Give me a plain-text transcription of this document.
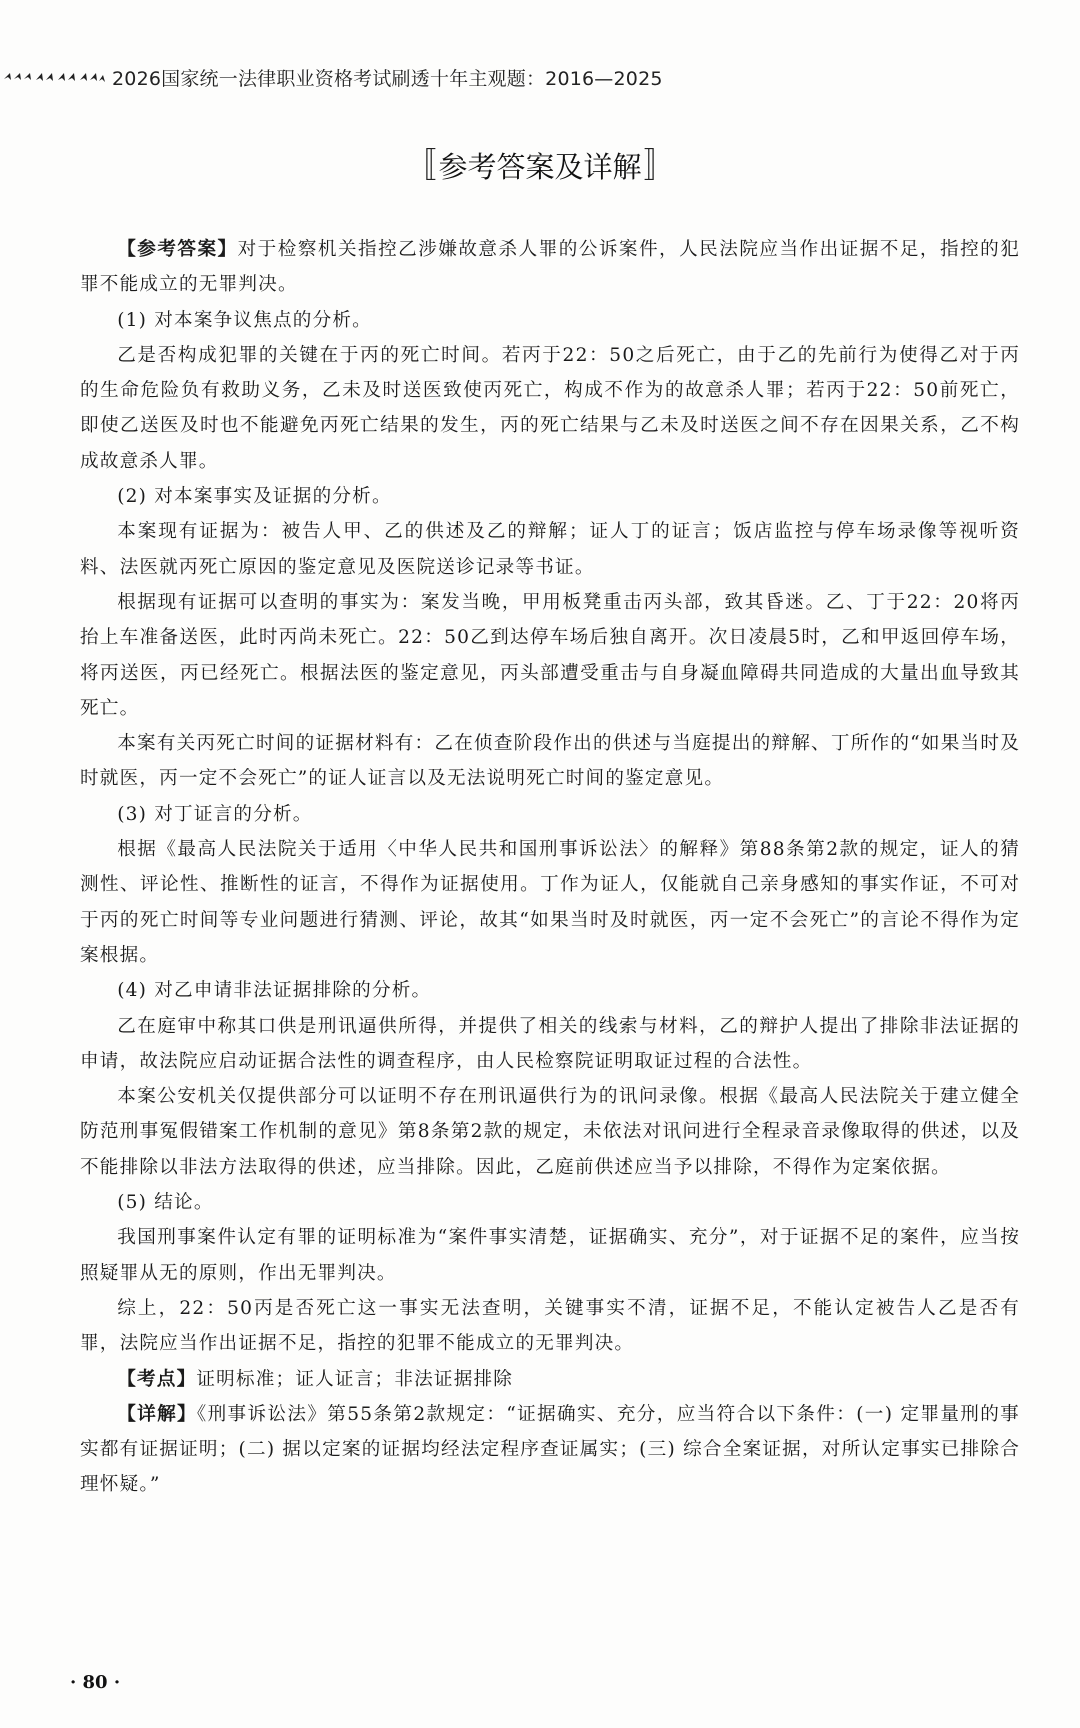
2026国家统一法律职业资格考试刷透十年主观题：2016—2025
〚参考答案及详解〛

【参考答案】对于检察机关指控乙涉嫌故意杀人罪的公诉案件，人民法院应当作出证据不足，指控的犯罪不能成立的无罪判决。

(1) 对本案争议焦点的分析。

乙是否构成犯罪的关键在于丙的死亡时间。若丙于22：50之后死亡，由于乙的先前行为使得乙对于丙的生命危险负有救助义务，乙未及时送医致使丙死亡，构成不作为的故意杀人罪；若丙于22：50前死亡，即使乙送医及时也不能避免丙死亡结果的发生，丙的死亡结果与乙未及时送医之间不存在因果关系，乙不构成故意杀人罪。

(2) 对本案事实及证据的分析。

本案现有证据为：被告人甲、乙的供述及乙的辩解；证人丁的证言；饭店监控与停车场录像等视听资料、法医就丙死亡原因的鉴定意见及医院送诊记录等书证。

根据现有证据可以查明的事实为：案发当晚，甲用板凳重击丙头部，致其昏迷。乙、丁于22：20将丙抬上车准备送医，此时丙尚未死亡。22：50乙到达停车场后独自离开。次日凌晨5时，乙和甲返回停车场，将丙送医，丙已经死亡。根据法医的鉴定意见，丙头部遭受重击与自身凝血障碍共同造成的大量出血导致其死亡。

本案有关丙死亡时间的证据材料有：乙在侦查阶段作出的供述与当庭提出的辩解、丁所作的“如果当时及时就医，丙一定不会死亡”的证人证言以及无法说明死亡时间的鉴定意见。

(3) 对丁证言的分析。

根据《最高人民法院关于适用〈中华人民共和国刑事诉讼法〉的解释》第88条第2款的规定，证人的猜测性、评论性、推断性的证言，不得作为证据使用。丁作为证人，仅能就自己亲身感知的事实作证，不可对于丙的死亡时间等专业问题进行猜测、评论，故其“如果当时及时就医，丙一定不会死亡”的言论不得作为定案根据。

(4) 对乙申请非法证据排除的分析。

乙在庭审中称其口供是刑讯逼供所得，并提供了相关的线索与材料，乙的辩护人提出了排除非法证据的申请，故法院应启动证据合法性的调查程序，由人民检察院证明取证过程的合法性。

本案公安机关仅提供部分可以证明不存在刑讯逼供行为的讯问录像。根据《最高人民法院关于建立健全防范刑事冤假错案工作机制的意见》第8条第2款的规定，未依法对讯问进行全程录音录像取得的供述，以及不能排除以非法方法取得的供述，应当排除。因此，乙庭前供述应当予以排除，不得作为定案依据。

(5) 结论。

我国刑事案件认定有罪的证明标准为“案件事实清楚，证据确实、充分”，对于证据不足的案件，应当按照疑罪从无的原则，作出无罪判决。

综上，22：50丙是否死亡这一事实无法查明，关键事实不清，证据不足，不能认定被告人乙是否有罪，法院应当作出证据不足，指控的犯罪不能成立的无罪判决。

【考点】证明标准；证人证言；非法证据排除

【详解】《刑事诉讼法》第55条第2款规定：“证据确实、充分，应当符合以下条件：(一) 定罪量刑的事实都有证据证明；(二) 据以定案的证据均经法定程序查证属实；(三) 综合全案证据，对所认定事实已排除合理怀疑。”

· 80 ·
